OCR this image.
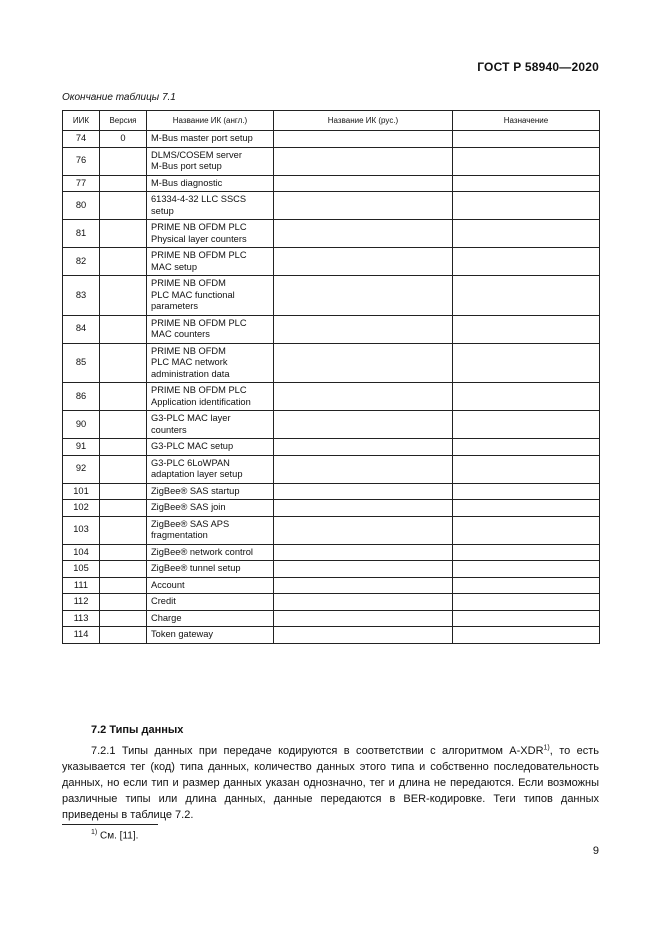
ГОСТ Р 58940—2020
Окончание таблицы 7.1
ИИК	Версия	Название ИК (англ.)	Название ИК (рус.)	Назначение
74	0	M-Bus master port setup		

76		DLMS/COSEM server
M-Bus port setup		

77		M-Bus diagnostic		

80		61334-4-32 LLC SSCS
setup		

81		PRIME NB OFDM PLC
Physical layer counters		

82		PRIME NB OFDM PLC
MAC setup		

83		PRIME NB OFDM
PLC MAC functional
parameters		

84		PRIME NB OFDM PLC
MAC counters		

85		PRIME NB OFDM
PLC MAC network
administration data		

86		PRIME NB OFDM PLC
Application identification		

90		G3-PLC MAC layer
counters		

91		G3-PLC MAC setup		

92		G3-PLC 6LoWPAN
adaptation layer setup		

101		ZigBee® SAS startup		

102		ZigBee® SAS join		

103		ZigBee® SAS APS
fragmentation		

104		ZigBee® network control		

105		ZigBee® tunnel setup		

111		Account		

112		Credit		

113		Charge		

114		Token gateway		

7.2 Типы данных
7.2.1 Типы данных при передаче кодируются в соответствии с алгоритмом A-XDR$^{1)}$, то есть указывается тег (код) типа данных, количество данных этого типа и собственно последовательность данных, но если тип и размер данных указан однозначно, тег и длина не передаются. Если возможны различные типы или длина данных, данные передаются в BER-кодировке. Теги типов данных приведены в таблице 7.2.
$^{1)}$ См. [11].
9
